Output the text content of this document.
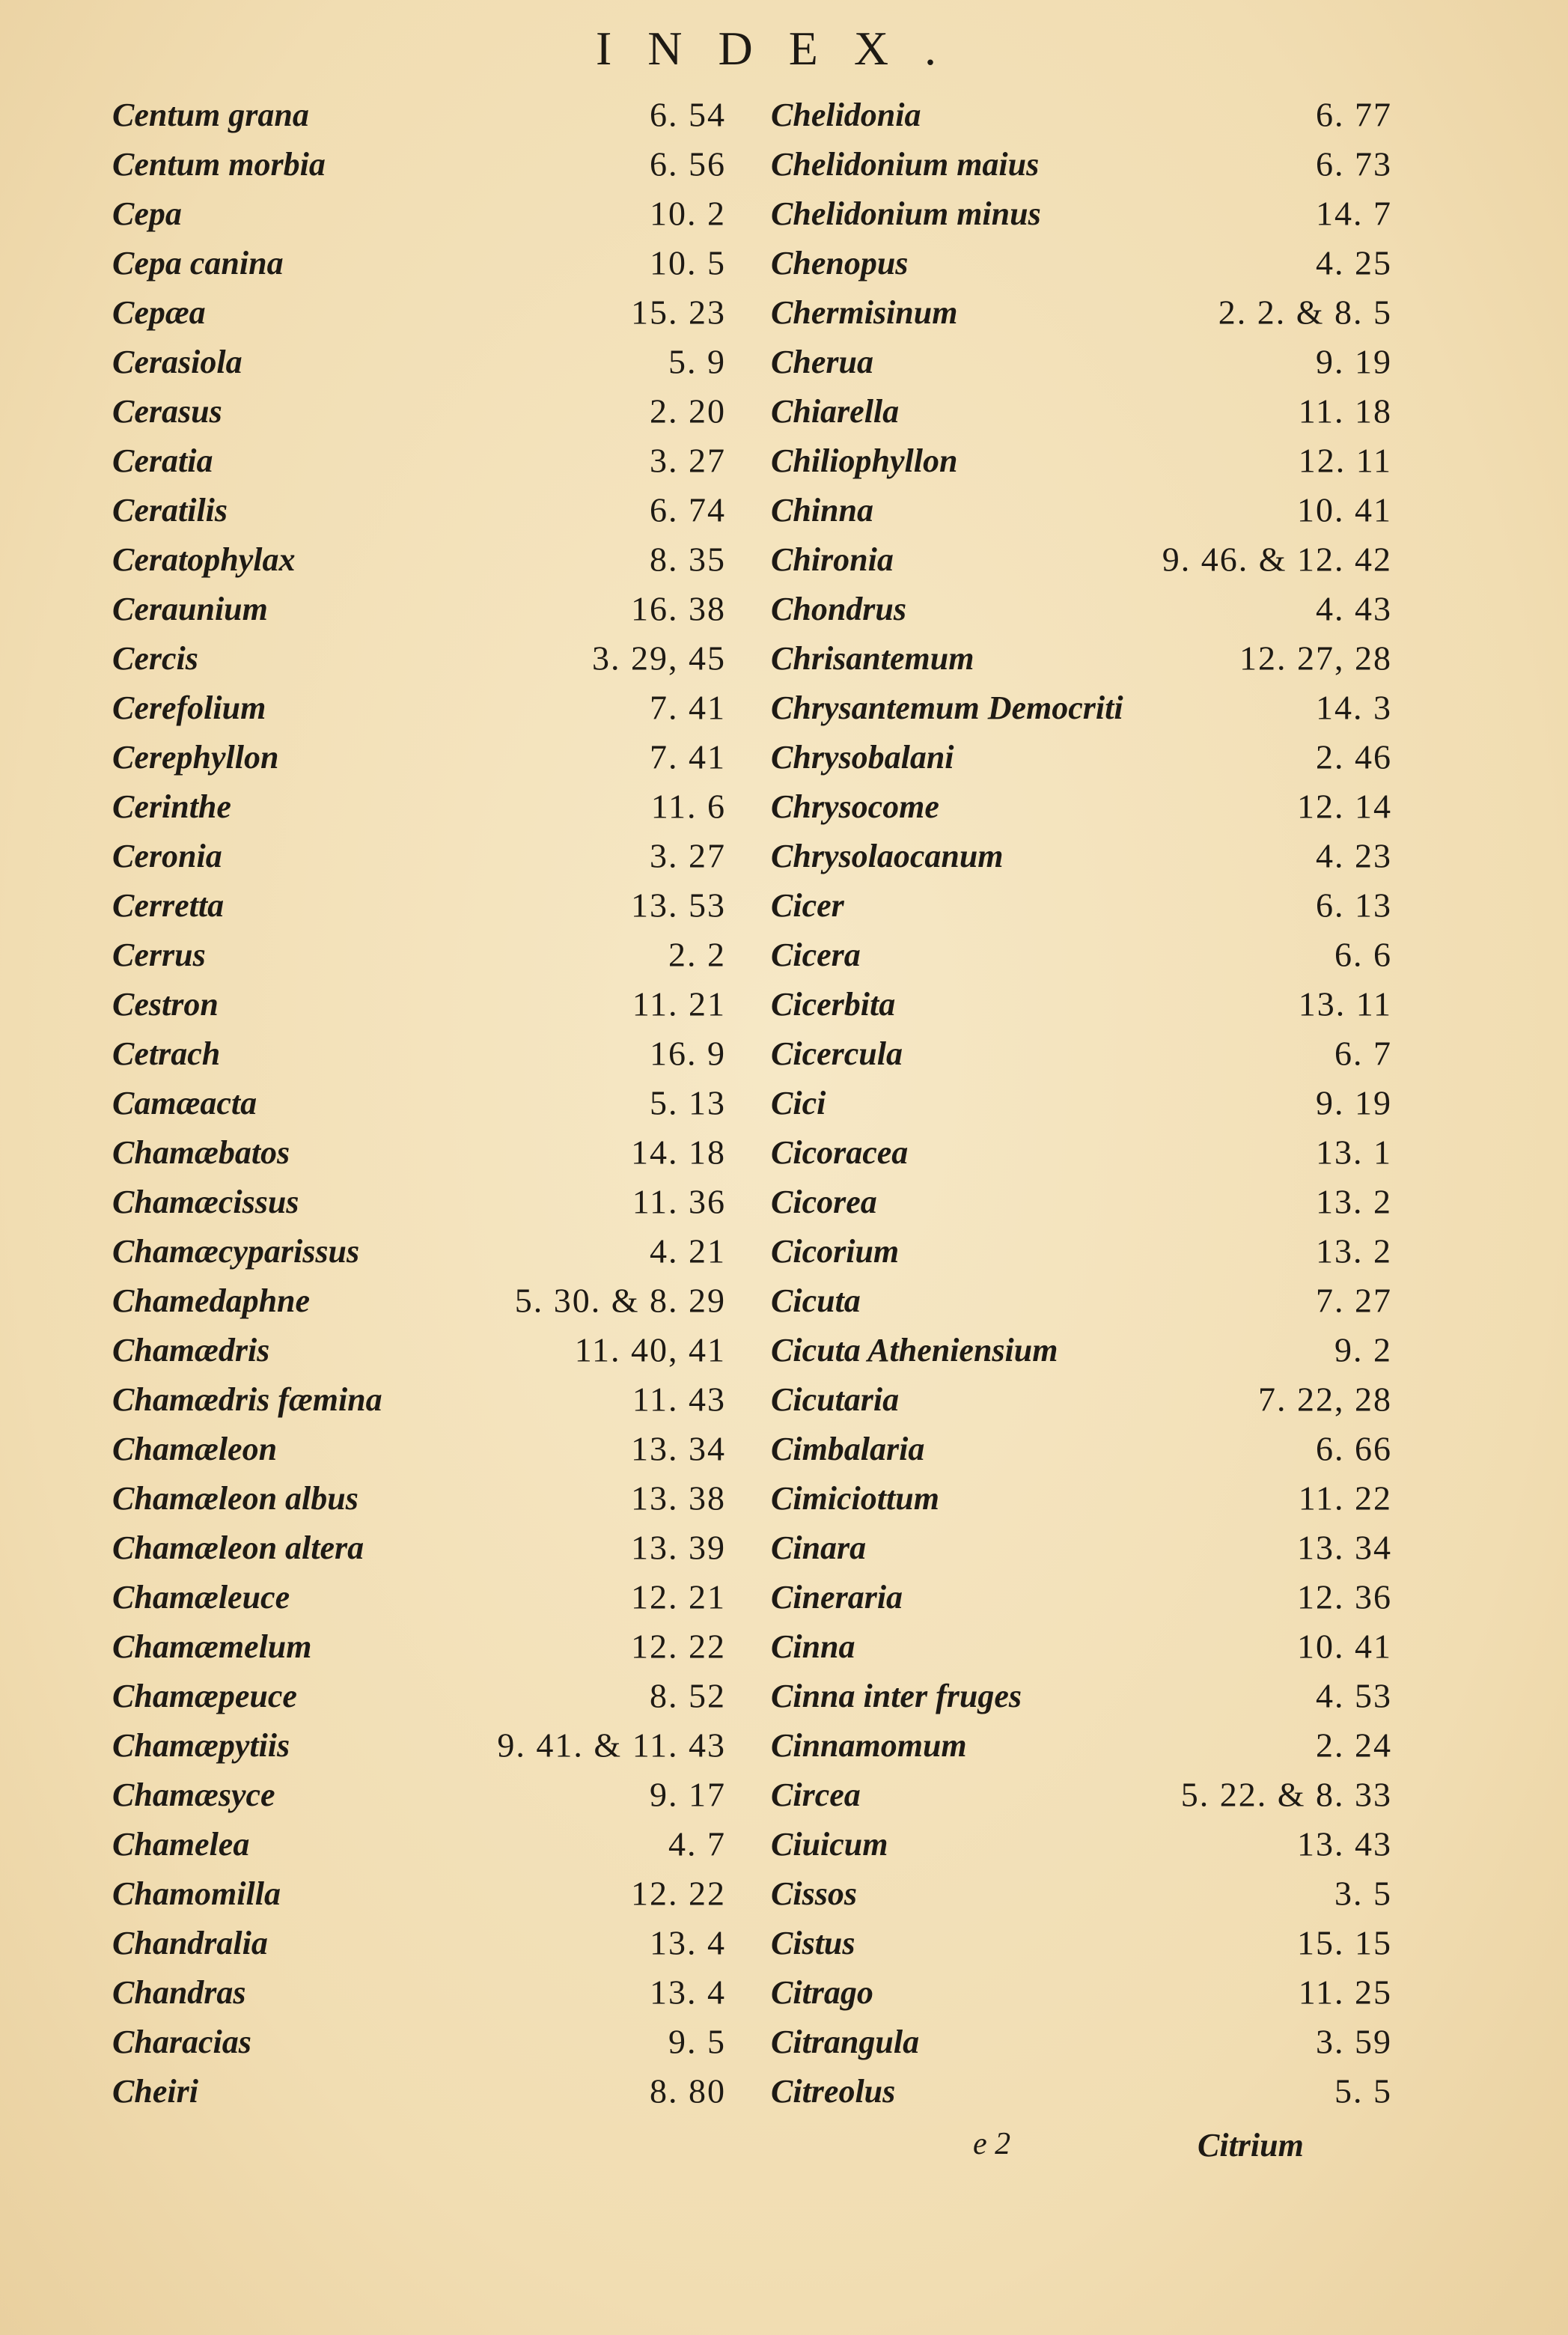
INDEX.
Centum grana	6. 54
Centum morbia	6. 56
Cepa	10. 2
Cepa canina	10. 5
Cepæa	15. 23
Cerasiola	5. 9
Cerasus	2. 20
Ceratia	3. 27
Ceratilis	6. 74
Ceratophylax	8. 35
Ceraunium	16. 38
Cercis	3. 29, 45
Cerefolium	7. 41
Cerephyllon	7. 41
Cerinthe	11. 6
Ceronia	3. 27
Cerretta	13. 53
Cerrus	2. 2
Cestron	11. 21
Cetrach	16. 9
Camæacta	5. 13
Chamæbatos	14. 18
Chamæcissus	11. 36
Chamæcyparissus	4. 21
Chamedaphne	5. 30. & 8. 29
Chamædris	11. 40, 41
Chamædris fæmina	11. 43
Chamæleon	13. 34
Chamæleon albus	13. 38
Chamæleon altera	13. 39
Chamæleuce	12. 21
Chamæmelum	12. 22
Chamæpeuce	8. 52
Chamæpytiis	9. 41. & 11. 43
Chamæsyce	9. 17
Chamelea	4. 7
Chamomilla	12. 22
Chandralia	13. 4
Chandras	13. 4
Characias	9. 5
Cheiri	8. 80
Chelidonia	6. 77
Chelidonium maius	6. 73
Chelidonium minus	14. 7
Chenopus	4. 25
Chermisinum	2. 2. & 8. 5
Cherua	9. 19
Chiarella	11. 18
Chiliophyllon	12. 11
Chinna	10. 41
Chironia	9. 46. & 12. 42
Chondrus	4. 43
Chrisantemum	12. 27, 28
Chrysantemum Democriti	14. 3
Chrysobalani	2. 46
Chrysocome	12. 14
Chrysolaocanum	4. 23
Cicer	6. 13
Cicera	6. 6
Cicerbita	13. 11
Cicercula	6. 7
Cici	9. 19
Cicoracea	13. 1
Cicorea	13. 2
Cicorium	13. 2
Cicuta	7. 27
Cicuta Atheniensium	9. 2
Cicutaria	7. 22, 28
Cimbalaria	6. 66
Cimiciottum	11. 22
Cinara	13. 34
Cineraria	12. 36
Cinna	10. 41
Cinna inter fruges	4. 53
Cinnamomum	2. 24
Circea	5. 22. & 8. 33
Ciuicum	13. 43
Cissos	3. 5
Cistus	15. 15
Citrago	11. 25
Citrangula	3. 59
Citreolus	5. 5
e 2	Citrium
